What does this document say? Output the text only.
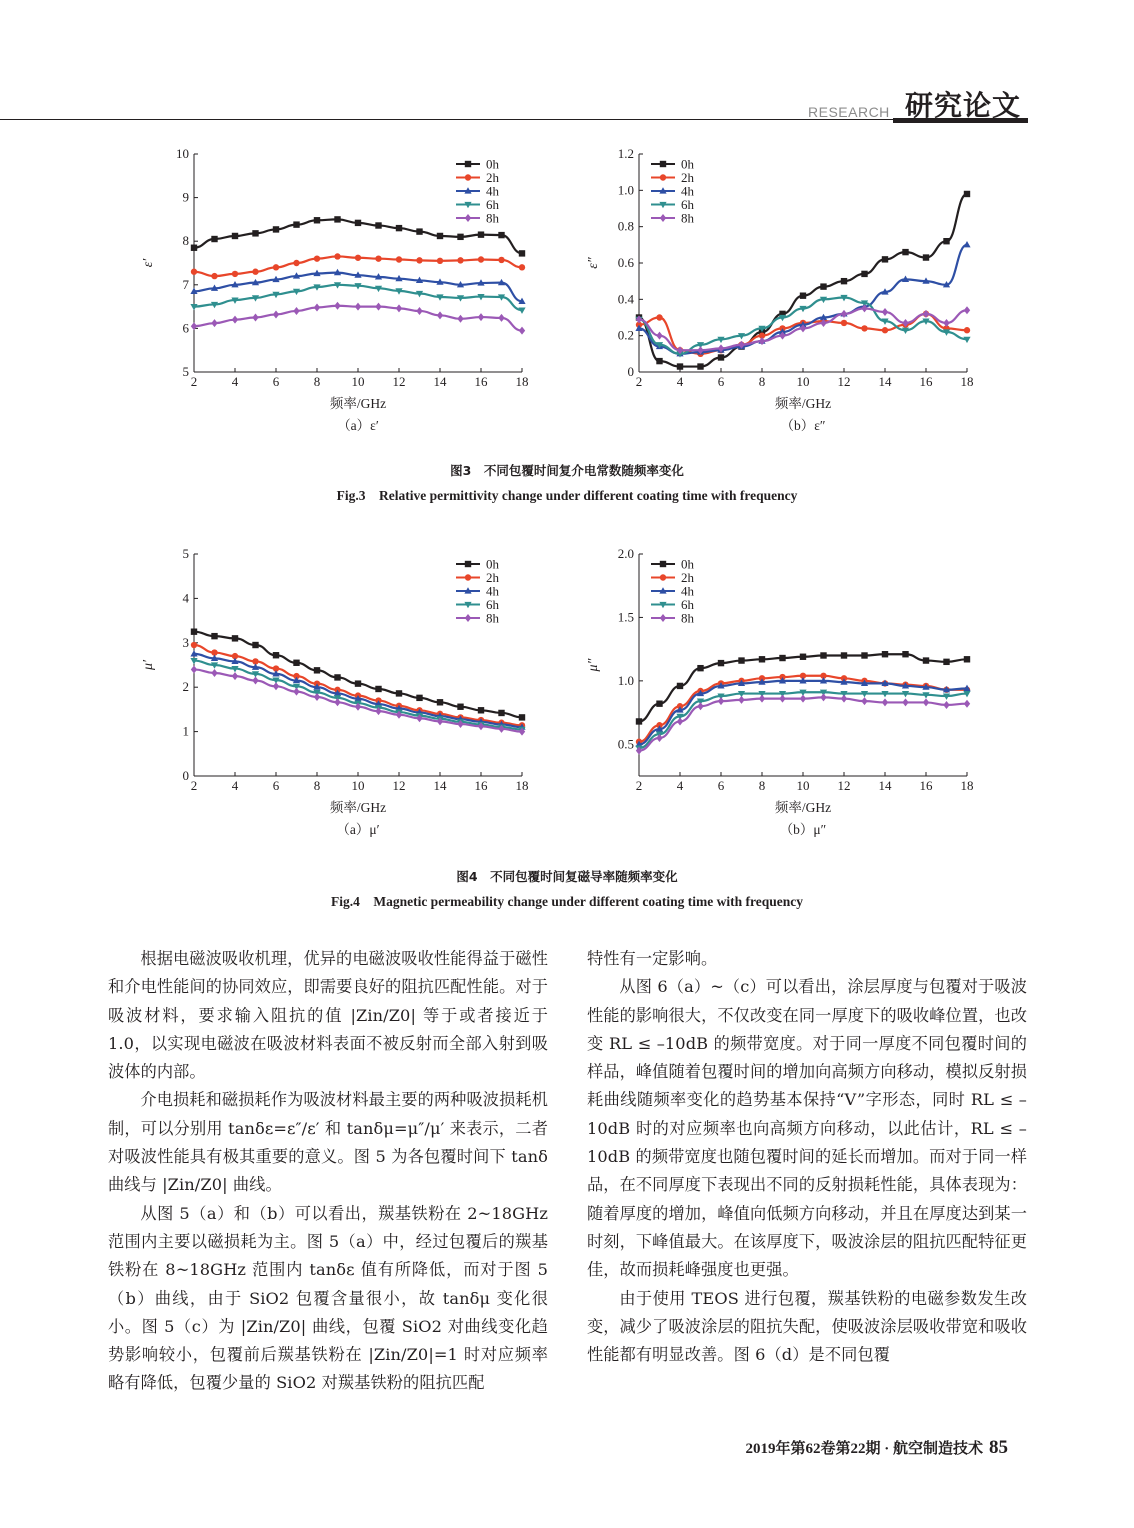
RESEARCH 研究论文
2	4	6	8 10 12 14 16 18
5
6
7
8
9
10
频率/GHz
ε′
（a）ε′
0h
2h
4h
6h
8h
2	4	6	8 10 12 14 16 18
0
0.2
0.4
0.6
0.8
1.0
1.2
频率/GHz
ε″
（b）ε″
0h
2h
4h
6h
8h
图3　不同包覆时间复介电常数随频率变化
Fig.3　Relative permittivity change under different coating time with frequency
2	4	6	8 10 12 14 16 18
0
1
2
3
4
5
频率/GHz
μ′
（a）μ′
0h
2h
4h
6h
8h
2	4	6	8 10 12 14 16 18
0.5
1.0
1.5
2.0
频率/GHz
μ″
（b）μ″
0h
2h
4h
6h
8h
图4　不同包覆时间复磁导率随频率变化
Fig.4　Magnetic permeability change under different coating time with frequency

根据电磁波吸收机理，优异的电磁波吸收性能得益于磁性和介电性能间的协同效应，即需要良好的阻抗匹配性能。对于吸波材料，要求输入阻抗的值 |Zin/Z0| 等于或者接近于 1.0，以实现电磁波在吸波材料表面不被反射而全部入射到吸波体的内部。

介电损耗和磁损耗作为吸波材料最主要的两种吸波损耗机制，可以分别用 tanδε=ε″/ε′ 和 tanδμ=μ″/μ′ 来表示，二者对吸波性能具有极其重要的意义。图 5 为各包覆时间下 tanδ 曲线与 |Zin/Z0| 曲线。

从图 5（a）和（b）可以看出，羰基铁粉在 2~18GHz 范围内主要以磁损耗为主。图 5（a）中，经过包覆后的羰基铁粉在 8~18GHz 范围内 tanδε 值有所降低，而对于图 5（b）曲线，由于 SiO2 包覆含量很小，故 tanδμ 变化很小。图 5（c）为 |Zin/Z0| 曲线，包覆 SiO2 对曲线变化趋势影响较小，包覆前后羰基铁粉在 |Zin/Z0|=1 时对应频率略有降低，包覆少量的 SiO2 对羰基铁粉的阻抗匹配

特性有一定影响。

从图 6（a）~（c）可以看出，涂层厚度与包覆对于吸波性能的影响很大，不仅改变在同一厚度下的吸收峰位置，也改变 RL ≤ –10dB 的频带宽度。对于同一厚度不同包覆时间的样品，峰值随着包覆时间的增加向高频方向移动，模拟反射损耗曲线随频率变化的趋势基本保持“V”字形态，同时 RL ≤ –10dB 时的对应频率也向高频方向移动，以此估计，RL ≤ –10dB 的频带宽度也随包覆时间的延长而增加。而对于同一样品，在不同厚度下表现出不同的反射损耗性能，具体表现为：随着厚度的增加，峰值向低频方向移动，并且在厚度达到某一时刻，下峰值最大。在该厚度下，吸波涂层的阻抗匹配特征更佳，故而损耗峰强度也更强。

由于使用 TEOS 进行包覆，羰基铁粉的电磁参数发生改变，减少了吸波涂层的阻抗失配，使吸波涂层吸收带宽和吸收性能都有明显改善。图 6（d）是不同包覆

2019年第62卷第22期 · 航空制造技术 85
